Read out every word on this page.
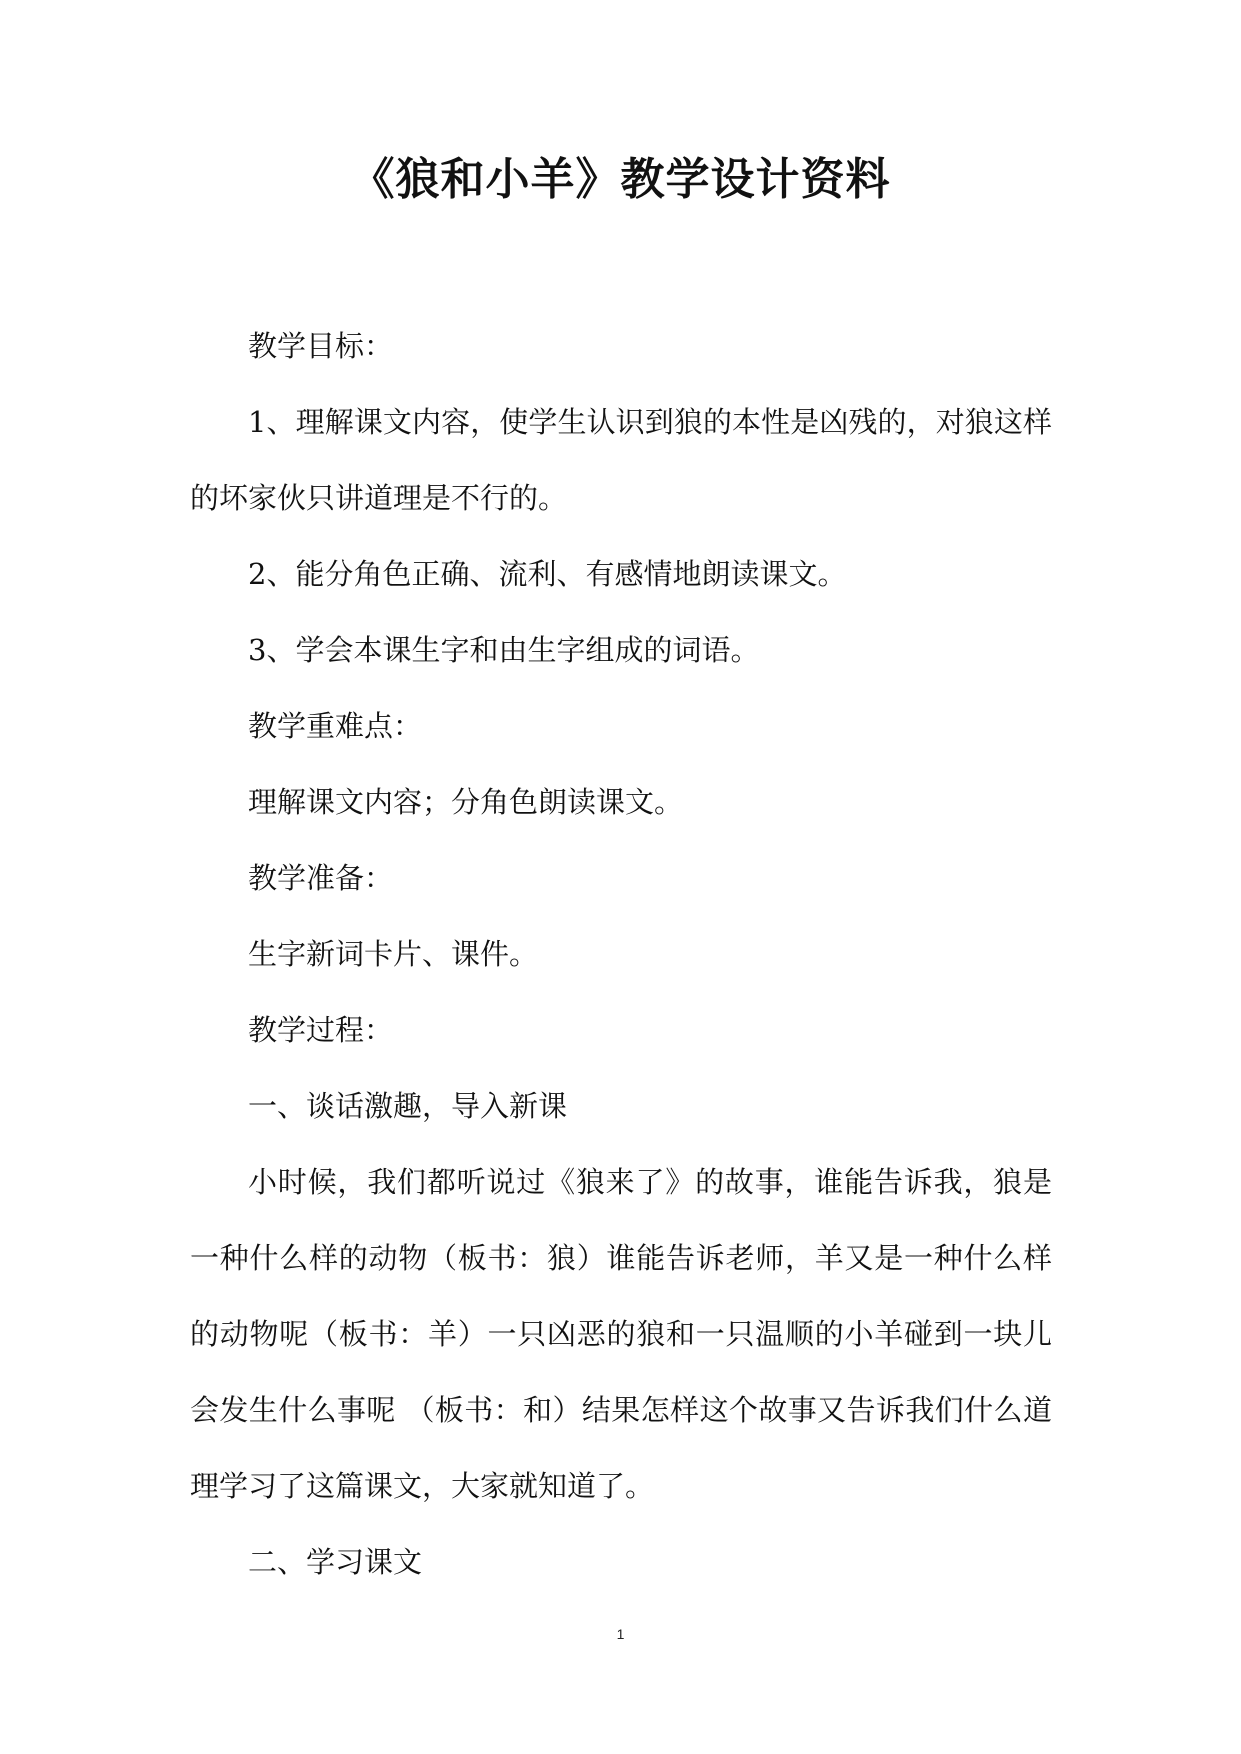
《狼和小羊》教学设计资料
教学目标：
1、理解课文内容，使学生认识到狼的本性是凶残的，对狼这样的坏家伙只讲道理是不行的。
2、能分角色正确、流利、有感情地朗读课文。
3、学会本课生字和由生字组成的词语。
教学重难点：
理解课文内容；分角色朗读课文。
教学准备：
生字新词卡片、课件。
教学过程：
一、谈话激趣，导入新课
小时候，我们都听说过《狼来了》的故事，谁能告诉我，狼是一种什么样的动物（板书：狼）谁能告诉老师，羊又是一种什么样的动物呢（板书：羊）一只凶恶的狼和一只温顺的小羊碰到一块儿会发生什么事呢 （板书：和）结果怎样这个故事又告诉我们什么道理学习了这篇课文，大家就知道了。
二、学习课文
1
